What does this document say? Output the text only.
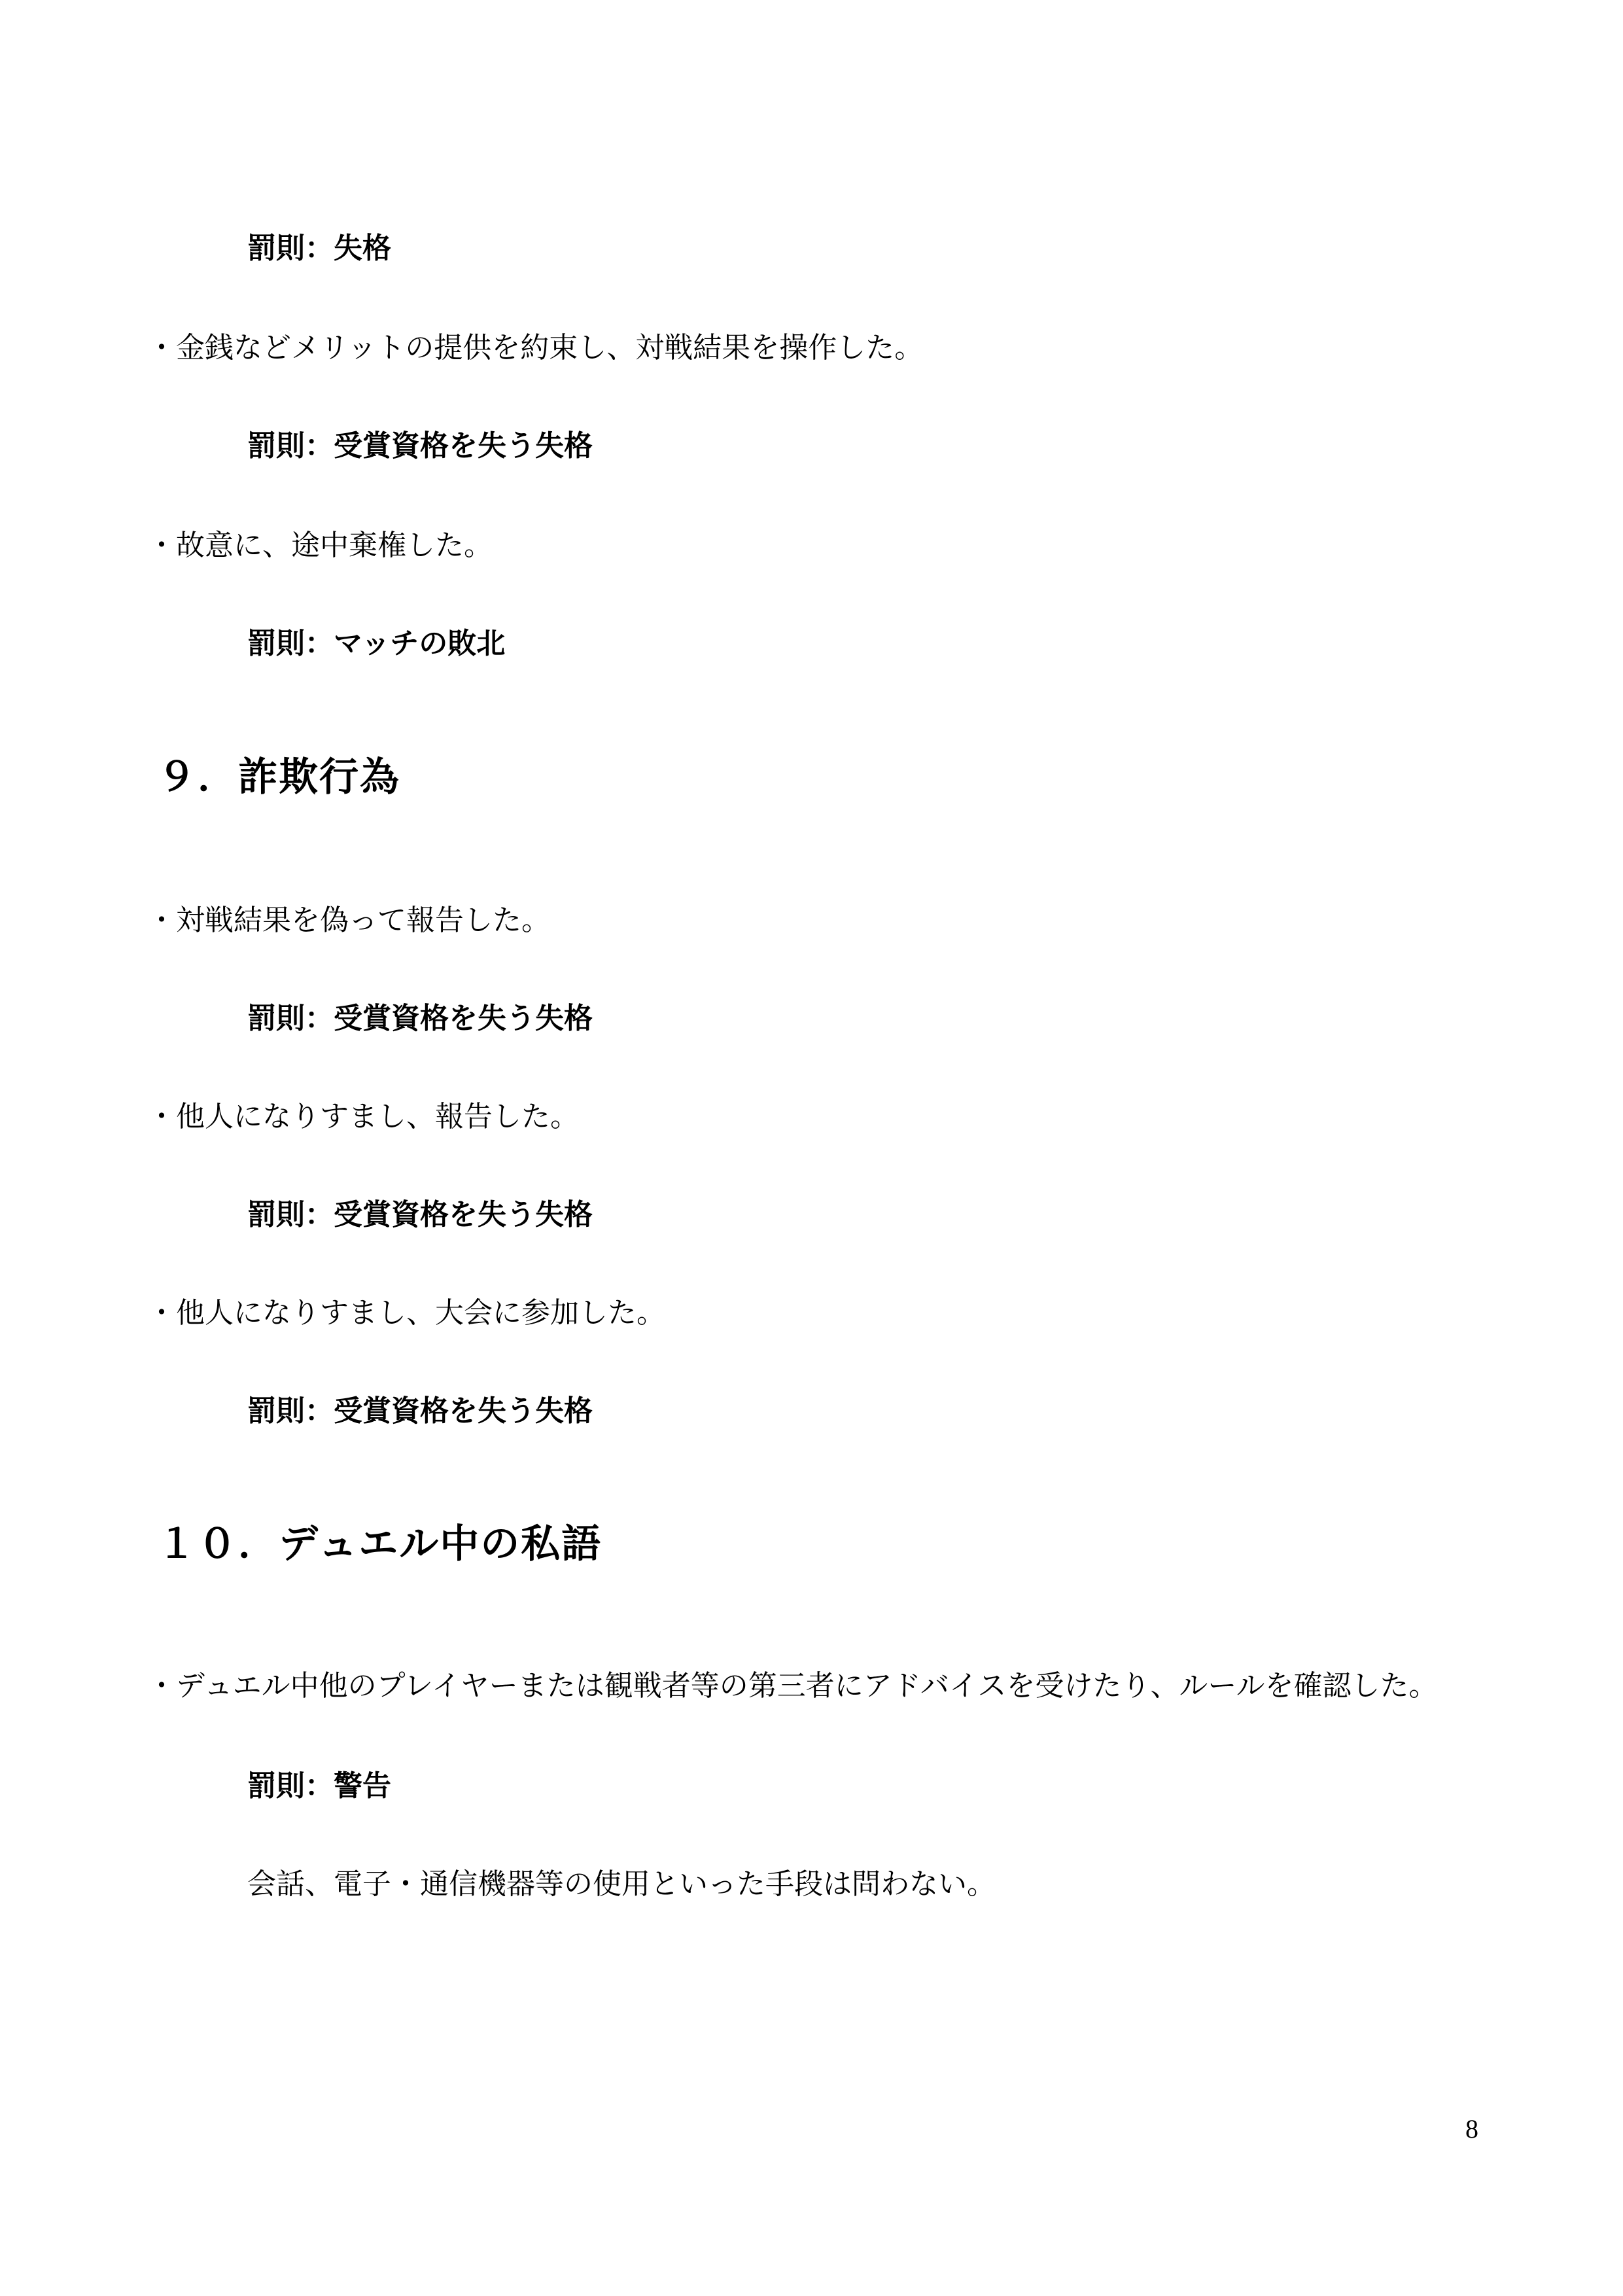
罰則：失格
・金銭などメリットの提供を約束し、対戦結果を操作した。
罰則：受賞資格を失う失格
・故意に、途中棄権した。
罰則：マッチの敗北
９．詐欺行為
・対戦結果を偽って報告した。
罰則：受賞資格を失う失格
・他人になりすまし、報告した。
罰則：受賞資格を失う失格
・他人になりすまし、大会に参加した。
罰則：受賞資格を失う失格
１０．デュエル中の私語
・デュエル中他のプレイヤーまたは観戦者等の第三者にアドバイスを受けたり、ルールを確認した。
罰則：警告
会話、電子・通信機器等の使用といった手段は問わない。
8
